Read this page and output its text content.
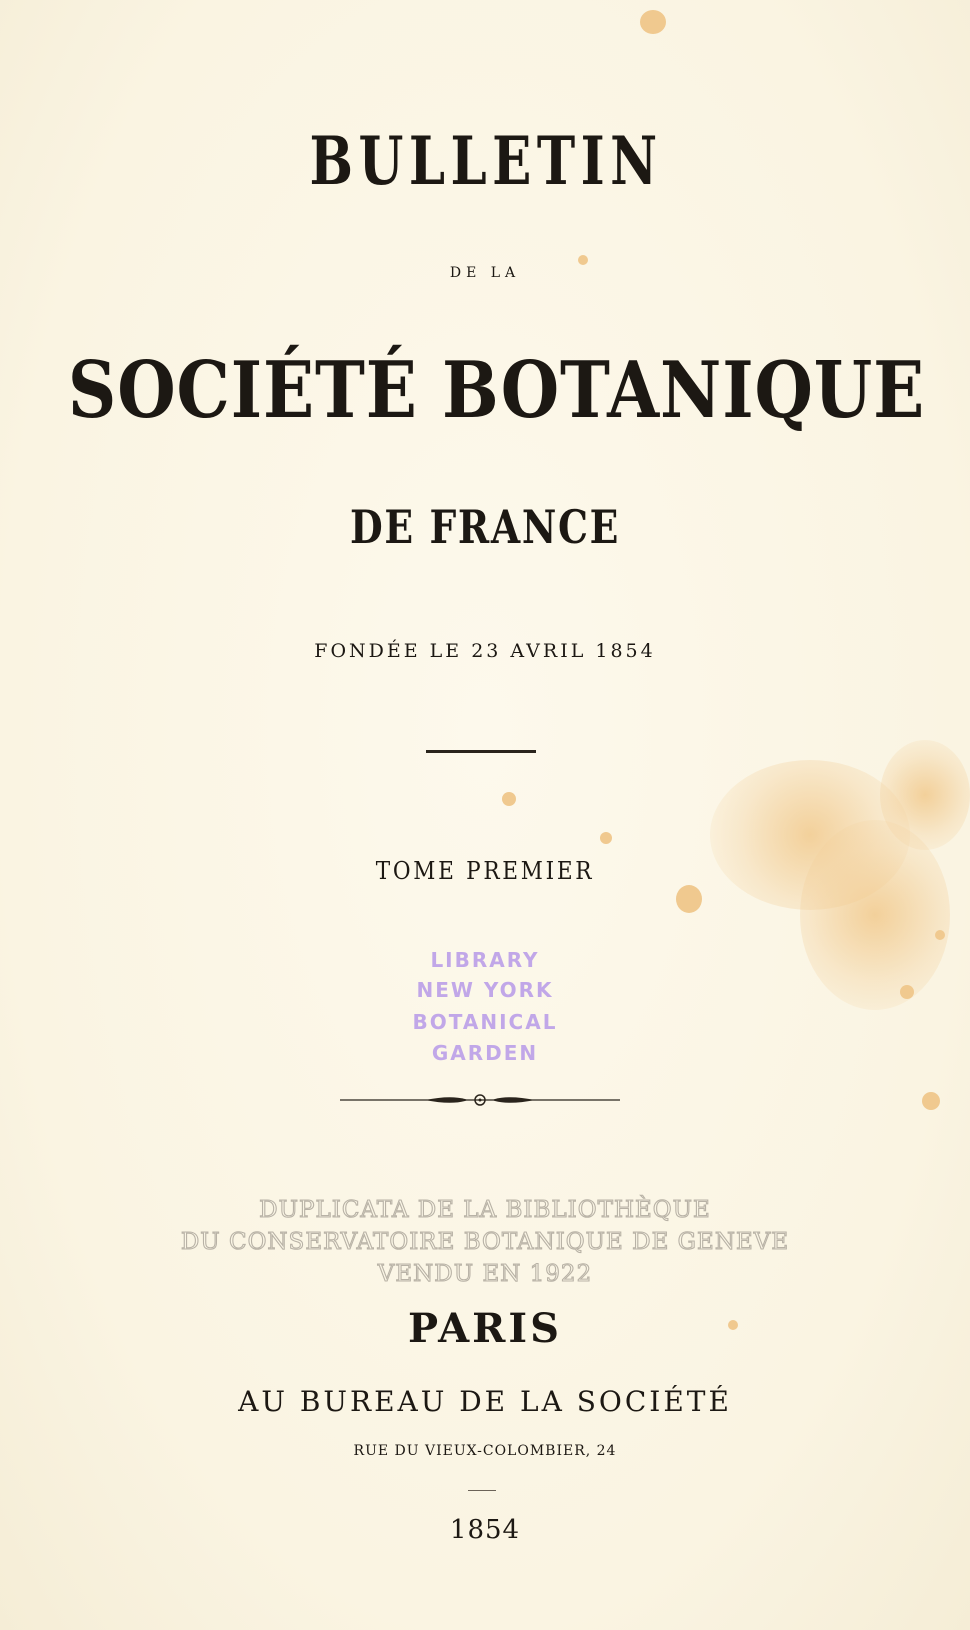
BULLETIN
DE LA
SOCIÉTÉ BOTANIQUE
DE FRANCE
FONDÉE LE 23 AVRIL 1854
TOME PREMIER
LIBRARY
NEW YORK
BOTANICAL
GARDEN
DUPLICATA DE LA BIBLIOTHÈQUE
DU CONSERVATOIRE BOTANIQUE DE GENEVE
VENDU EN 1922
PARIS
AU BUREAU DE LA SOCIÉTÉ
RUE DU VIEUX-COLOMBIER, 24
1854
